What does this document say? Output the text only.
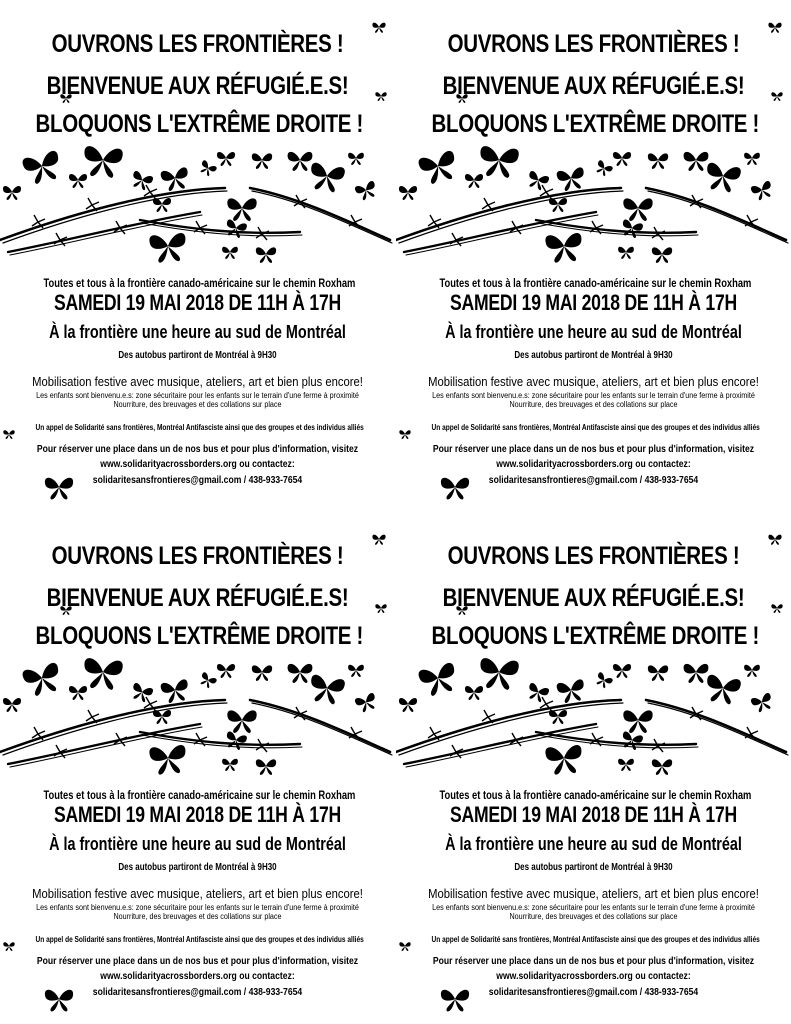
OUVRONS LES FRONTIÈRES !
BIENVENUE AUX RÉFUGIÉ.E.S!
BLOQUONS L'EXTRÊME DROITE !
Toutes et tous à la frontière canado-américaine sur le chemin Roxham
SAMEDI 19 MAI 2018 DE 11H À 17H
À la frontière une heure au sud de Montréal
Des autobus partiront de Montréal à 9H30
Mobilisation festive avec musique, ateliers, art et bien plus encore!
Les enfants sont bienvenu.e.s: zone sécuritaire pour les enfants sur le terrain d'une ferme à proximité
Nourriture, des breuvages et des collations sur place
Un appel de Solidarité sans frontières, Montréal Antifasciste ainsi que des groupes et des individus alliés
Pour réserver une place dans un de nos bus et pour plus d'information, visitez
www.solidarityacrossborders.org ou contactez:
solidaritesansfrontieres@gmail.com / 438-933-7654
OUVRONS LES FRONTIÈRES !
BIENVENUE AUX RÉFUGIÉ.E.S!
BLOQUONS L'EXTRÊME DROITE !
Toutes et tous à la frontière canado-américaine sur le chemin Roxham
SAMEDI 19 MAI 2018 DE 11H À 17H
À la frontière une heure au sud de Montréal
Des autobus partiront de Montréal à 9H30
Mobilisation festive avec musique, ateliers, art et bien plus encore!
Les enfants sont bienvenu.e.s: zone sécuritaire pour les enfants sur le terrain d'une ferme à proximité
Nourriture, des breuvages et des collations sur place
Un appel de Solidarité sans frontières, Montréal Antifasciste ainsi que des groupes et des individus alliés
Pour réserver une place dans un de nos bus et pour plus d'information, visitez
www.solidarityacrossborders.org ou contactez:
solidaritesansfrontieres@gmail.com / 438-933-7654
OUVRONS LES FRONTIÈRES !
BIENVENUE AUX RÉFUGIÉ.E.S!
BLOQUONS L'EXTRÊME DROITE !
Toutes et tous à la frontière canado-américaine sur le chemin Roxham
SAMEDI 19 MAI 2018 DE 11H À 17H
À la frontière une heure au sud de Montréal
Des autobus partiront de Montréal à 9H30
Mobilisation festive avec musique, ateliers, art et bien plus encore!
Les enfants sont bienvenu.e.s: zone sécuritaire pour les enfants sur le terrain d'une ferme à proximité
Nourriture, des breuvages et des collations sur place
Un appel de Solidarité sans frontières, Montréal Antifasciste ainsi que des groupes et des individus alliés
Pour réserver une place dans un de nos bus et pour plus d'information, visitez
www.solidarityacrossborders.org ou contactez:
solidaritesansfrontieres@gmail.com / 438-933-7654
OUVRONS LES FRONTIÈRES !
BIENVENUE AUX RÉFUGIÉ.E.S!
BLOQUONS L'EXTRÊME DROITE !
Toutes et tous à la frontière canado-américaine sur le chemin Roxham
SAMEDI 19 MAI 2018 DE 11H À 17H
À la frontière une heure au sud de Montréal
Des autobus partiront de Montréal à 9H30
Mobilisation festive avec musique, ateliers, art et bien plus encore!
Les enfants sont bienvenu.e.s: zone sécuritaire pour les enfants sur le terrain d'une ferme à proximité
Nourriture, des breuvages et des collations sur place
Un appel de Solidarité sans frontières, Montréal Antifasciste ainsi que des groupes et des individus alliés
Pour réserver une place dans un de nos bus et pour plus d'information, visitez
www.solidarityacrossborders.org ou contactez:
solidaritesansfrontieres@gmail.com / 438-933-7654
